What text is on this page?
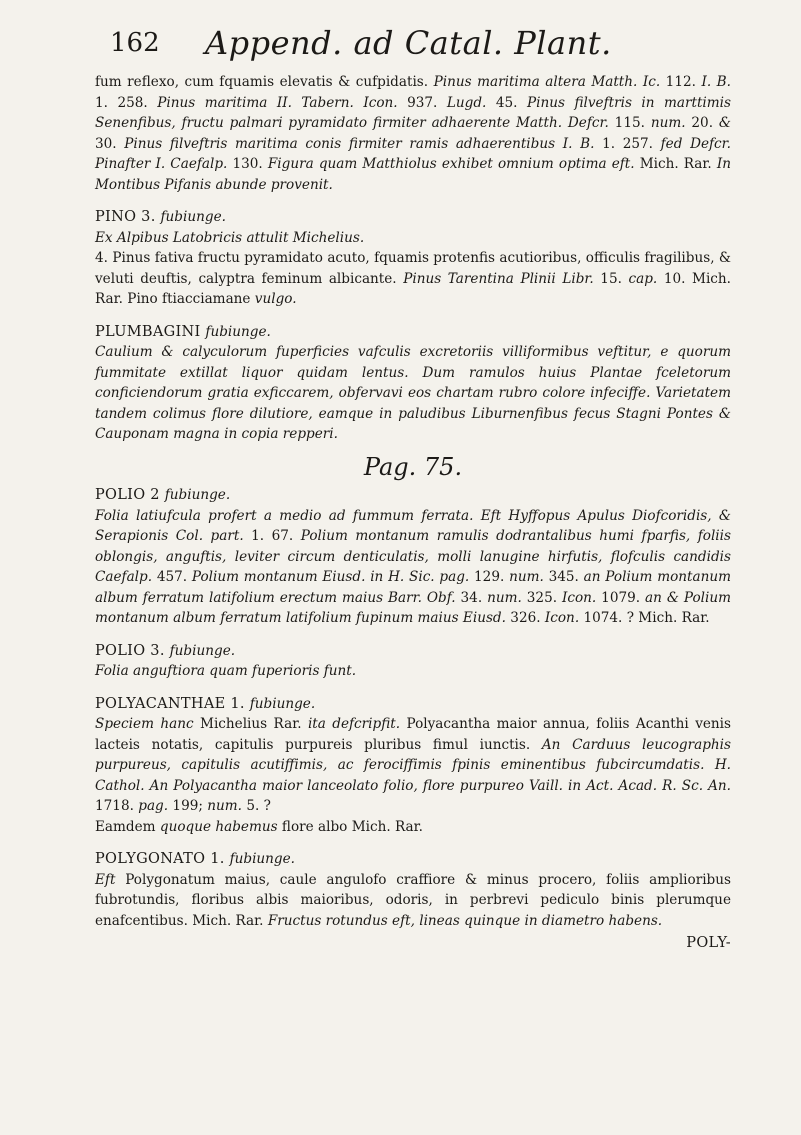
162 Append. ad Catal. Plant.

fum reflexo, cum fquamis elevatis & cufpidatis. Pinus maritima altera Matth. Ic. 112. I. B. 1. 258. Pinus maritima II. Tabern. Icon. 937. Lugd. 45. Pinus filveftris in marttimis Senenfibus, fructu palmari pyramidato firmiter adhaerente Matth. Defcr. 115. num. 20. & 30. Pinus filveftris maritima conis firmiter ramis adhaerentibus I. B. 1. 257. fed Defcr. Pinafter I. Caefalp. 130. Figura quam Matthiolus exhibet omnium optima eft. Mich. Rar. In Montibus Pifanis abunde provenit.

PINO 3. fubiunge.

Ex Alpibus Latobricis attulit Michelius.

4. Pinus fativa fructu pyramidato acuto, fquamis protenfis acutioribus, officulis fragilibus, & veluti deuftis, calyptra feminum albicante. Pinus Tarentina Plinii Libr. 15. cap. 10. Mich. Rar. Pino ftiacciamane vulgo.

PLUMBAGINI fubiunge.

Caulium & calyculorum fuperficies vafculis excretoriis villiformibus veftitur, e quorum fummitate extillat liquor quidam lentus. Dum ramulos huius Plantae fceletorum conficiendorum gratia exficcarem, obfervavi eos chartam rubro colore infeciffe. Varietatem tandem colimus flore dilutiore, eamque in paludibus Liburnenfibus fecus Stagni Pontes & Cauponam magna in copia repperi.

Pag. 75.

POLIO 2 fubiunge.

Folia latiufcula profert a medio ad fummum ferrata. Eft Hyffopus Apulus Diofcoridis, & Serapionis Col. part. 1. 67. Polium montanum ramulis dodrantalibus humi fparfis, foliis oblongis, anguftis, leviter circum denticulatis, molli lanugine hirfutis, flofculis candidis Caefalp. 457. Polium montanum Eiusd. in H. Sic. pag. 129. num. 345. an Polium montanum album ferratum latifolium erectum maius Barr. Obf. 34. num. 325. Icon. 1079. an & Polium montanum album ferratum latifolium fupinum maius Eiusd. 326. Icon. 1074. ? Mich. Rar.

POLIO 3. fubiunge.

Folia anguftiora quam fuperioris funt.

POLYACANTHAE 1. fubiunge.

Speciem hanc Michelius Rar. ita defcripfit. Polyacantha maior annua, foliis Acanthi venis lacteis notatis, capitulis purpureis pluribus fimul iunctis. An Carduus leucographis purpureus, capitulis acutiffimis, ac ferociffimis fpinis eminentibus fubcircumdatis. H. Cathol. An Polyacantha maior lanceolato folio, flore purpureo Vaill. in Act. Acad. R. Sc. An. 1718. pag. 199; num. 5. ?

Eamdem quoque habemus flore albo Mich. Rar.

POLYGONATO 1. fubiunge.

Eft Polygonatum maius, caule angulofo craffiore & minus procero, foliis amplioribus fubrotundis, floribus albis maioribus, odoris, in perbrevi pediculo binis plerumque enafcentibus. Mich. Rar. Fructus rotundus eft, lineas quinque in diametro habens.

POLY-
